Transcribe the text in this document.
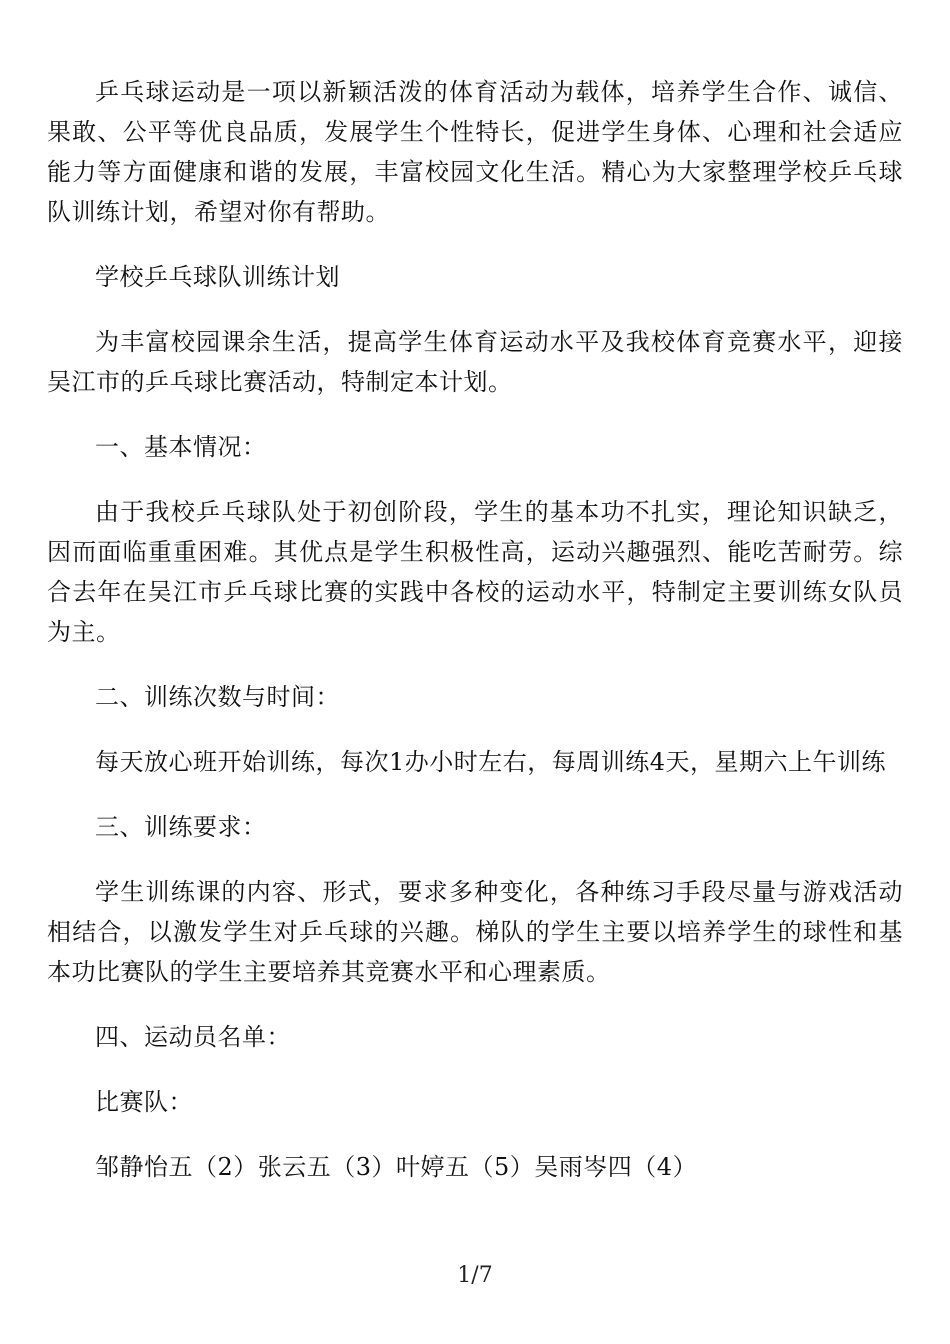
乒乓球运动是一项以新颖活泼的体育活动为载体，培养学生合作、诚信、果敢、公平等优良品质，发展学生个性特长，促进学生身体、心理和社会适应能力等方面健康和谐的发展，丰富校园文化生活。精心为大家整理学校乒乓球队训练计划，希望对你有帮助。

学校乒乓球队训练计划

为丰富校园课余生活，提高学生体育运动水平及我校体育竞赛水平，迎接吴江市的乒乓球比赛活动，特制定本计划。

一、基本情况：

由于我校乒乓球队处于初创阶段，学生的基本功不扎实，理论知识缺乏，因而面临重重困难。其优点是学生积极性高，运动兴趣强烈、能吃苦耐劳。综合去年在吴江市乒乓球比赛的实践中各校的运动水平，特制定主要训练女队员为主。

二、训练次数与时间：

每天放心班开始训练，每次1办小时左右，每周训练4天，星期六上午训练

三、训练要求：

学生训练课的内容、形式，要求多种变化，各种练习手段尽量与游戏活动相结合，以激发学生对乒乓球的兴趣。梯队的学生主要以培养学生的球性和基本功比赛队的学生主要培养其竞赛水平和心理素质。

四、运动员名单：

比赛队：

邹静怡五（2）张云五（3）叶婷五（5）吴雨岑四（4）

1/7
